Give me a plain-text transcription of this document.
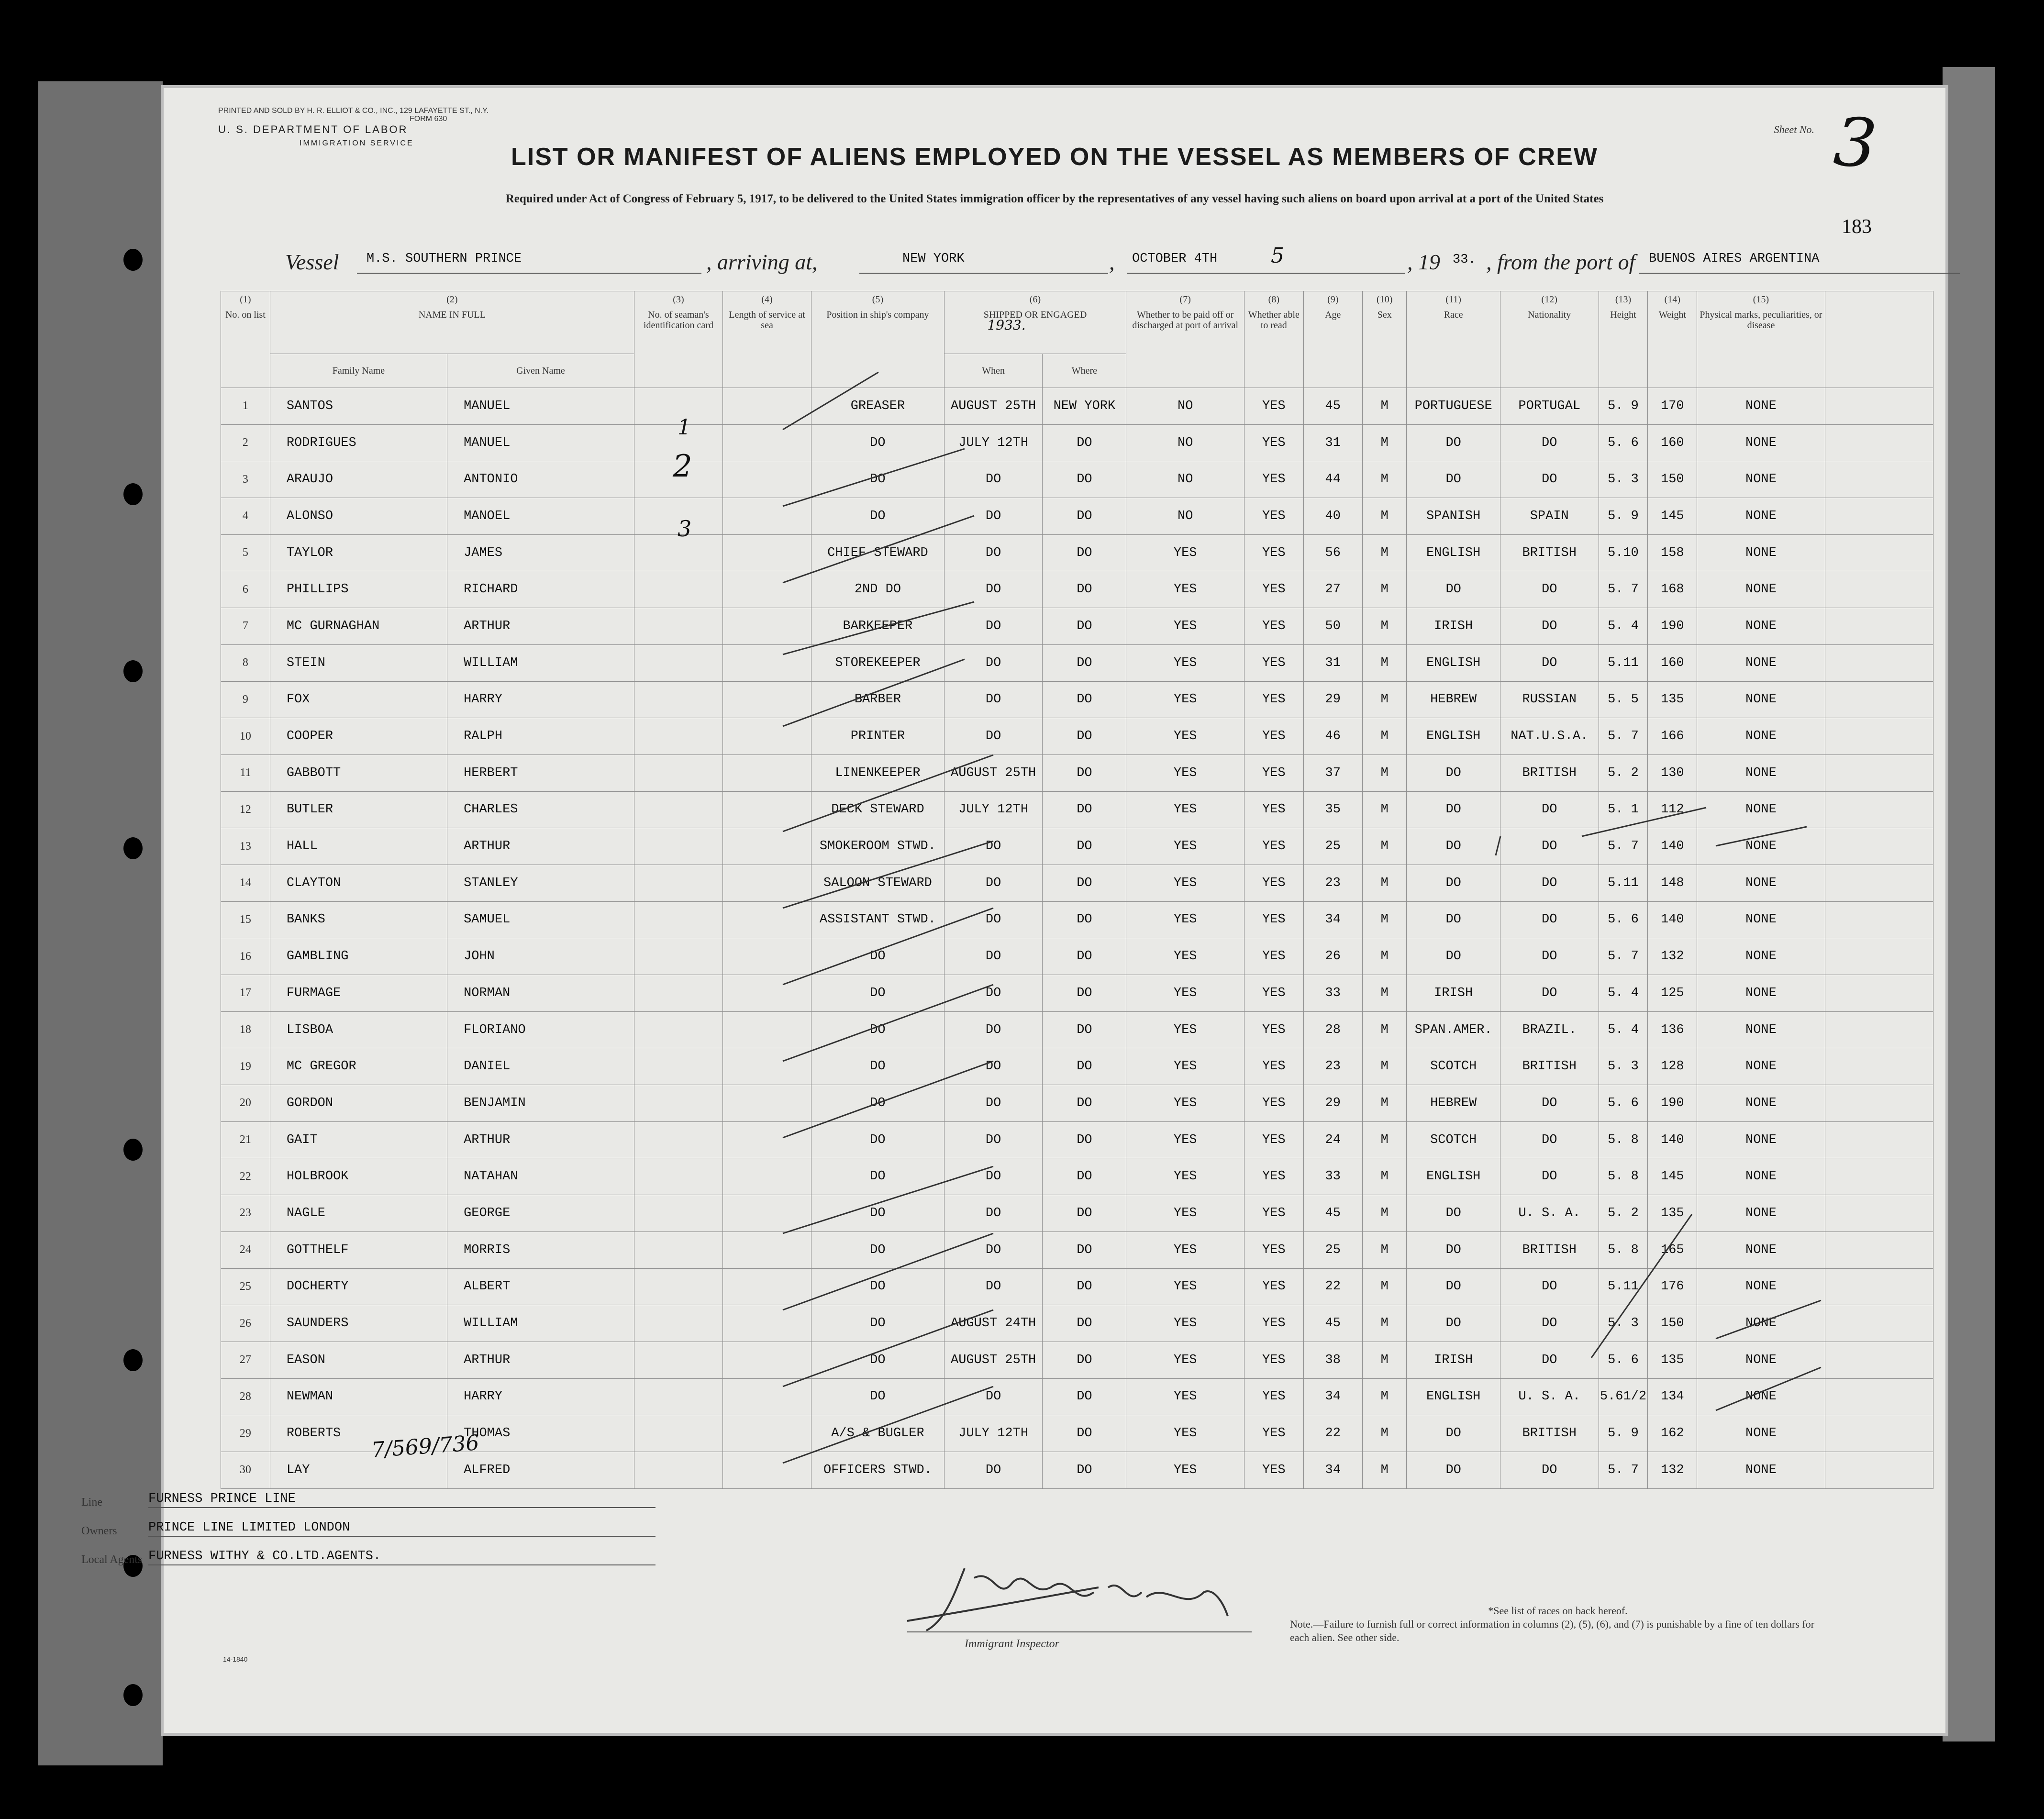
PRINTED AND SOLD BY H. R. ELLIOT & CO., INC., 129 LAFAYETTE ST., N.Y.
FORM 630
U. S. DEPARTMENT OF LABOR
IMMIGRATION SERVICE
Sheet No. 3
LIST OR MANIFEST OF ALIENS EMPLOYED ON THE VESSEL AS MEMBERS OF CREW
Required under Act of Congress of February 5, 1917, to be delivered to the United States immigration officer by the representatives of any vessel having such aliens on board upon arrival at a port of the United States
183
Vessel M.S. SOUTHERN PRINCE	, arriving at,	NEW YORK	, OCTOBER 4TH	5	, 19 33. , from the port of BUENOS AIRES ARGENTINA
(1)	(2)		(3)	(4)	(5)	(6)		(7)	(8)	(9)	(10)	(11)	(12)	(13)	(14)	(15)	
No. on list	NAME IN FULL		No. of seaman's identification card	Length of service at sea	Position in ship's company	SHIPPED OR ENGAGED
1933.		Whether to be paid off or discharged at port of arrival	Whether able to read	Age	Sex	Race	Nationality	Height	Weight	Physical marks, peculiarities, or disease	
	Family Name	Given Name				When	Where										
1	SANTOS	MANUEL			GREASER	AUGUST 25TH	NEW YORK	NO	YES	45	M	PORTUGUESE	PORTUGAL	5. 9	170	NONE	
2	RODRIGUES	MANUEL			DO	JULY 12TH	DO	NO	YES	31	M	DO	DO	5. 6	160	NONE	
3	ARAUJO	ANTONIO			DO	DO	DO	NO	YES	44	M	DO	DO	5. 3	150	NONE	
4	ALONSO	MANOEL			DO	DO	DO	NO	YES	40	M	SPANISH	SPAIN	5. 9	145	NONE	
5	TAYLOR	JAMES			CHIEF STEWARD	DO	DO	YES	YES	56	M	ENGLISH	BRITISH	5.10	158	NONE	
6	PHILLIPS	RICHARD			2ND DO	DO	DO	YES	YES	27	M	DO	DO	5. 7	168	NONE	
7	MC GURNAGHAN	ARTHUR			BARKEEPER	DO	DO	YES	YES	50	M	IRISH	DO	5. 4	190	NONE	
8	STEIN	WILLIAM			STOREKEEPER	DO	DO	YES	YES	31	M	ENGLISH	DO	5.11	160	NONE	
9	FOX	HARRY			BARBER	DO	DO	YES	YES	29	M	HEBREW	RUSSIAN	5. 5	135	NONE	
10	COOPER	RALPH			PRINTER	DO	DO	YES	YES	46	M	ENGLISH	NAT.U.S.A.	5. 7	166	NONE	
11	GABBOTT	HERBERT			LINENKEEPER	AUGUST 25TH	DO	YES	YES	37	M	DO	BRITISH	5. 2	130	NONE	
12	BUTLER	CHARLES			DECK STEWARD	JULY 12TH	DO	YES	YES	35	M	DO	DO	5. 1	112	NONE	
13	HALL	ARTHUR			SMOKEROOM STWD.	DO	DO	YES	YES	25	M	DO	DO	5. 7	140	NONE	
14	CLAYTON	STANLEY			SALOON STEWARD	DO	DO	YES	YES	23	M	DO	DO	5.11	148	NONE	
15	BANKS	SAMUEL			ASSISTANT STWD.	DO	DO	YES	YES	34	M	DO	DO	5. 6	140	NONE	
16	GAMBLING	JOHN			DO	DO	DO	YES	YES	26	M	DO	DO	5. 7	132	NONE	
17	FURMAGE	NORMAN			DO	DO	DO	YES	YES	33	M	IRISH	DO	5. 4	125	NONE	
18	LISBOA	FLORIANO			DO	DO	DO	YES	YES	28	M	SPAN.AMER.	BRAZIL.	5. 4	136	NONE	
19	MC GREGOR	DANIEL			DO	DO	DO	YES	YES	23	M	SCOTCH	BRITISH	5. 3	128	NONE	
20	GORDON	BENJAMIN			DO	DO	DO	YES	YES	29	M	HEBREW	DO	5. 6	190	NONE	
21	GAIT	ARTHUR			DO	DO	DO	YES	YES	24	M	SCOTCH	DO	5. 8	140	NONE	
22	HOLBROOK	NATAHAN			DO	DO	DO	YES	YES	33	M	ENGLISH	DO	5. 8	145	NONE	
23	NAGLE	GEORGE			DO	DO	DO	YES	YES	45	M	DO	U. S. A.	5. 2	135	NONE	
24	GOTTHELF	MORRIS			DO	DO	DO	YES	YES	25	M	DO	BRITISH	5. 8	165	NONE	
25	DOCHERTY	ALBERT			DO	DO	DO	YES	YES	22	M	DO	DO	5.11	176	NONE	
26	SAUNDERS	WILLIAM			DO	AUGUST 24TH	DO	YES	YES	45	M	DO	DO	5. 3	150	NONE	
27	EASON	ARTHUR			DO	AUGUST 25TH	DO	YES	YES	38	M	IRISH	DO	5. 6	135	NONE	
28	NEWMAN	HARRY			DO	DO	DO	YES	YES	34	M	ENGLISH	U. S. A.	5.61/2	134	NONE	
29	ROBERTS	THOMAS			A/S & BUGLER	JULY 12TH	DO	YES	YES	22	M	DO	BRITISH	5. 9	162	NONE	
30	LAY	ALFRED			OFFICERS STWD.	DO	DO	YES	YES	34	M	DO	DO	5. 7	132	NONE	
1
2
3
7/569/736
Immigrant Inspector
*See list of races on back hereof.
Note.—Failure to furnish full or correct information in columns (2), (5), (6), and (7) is punishable by a fine of ten dollars for each alien. See other side.
14-1840
Line	FURNESS PRINCE LINE
Owners PRINCE LINE LIMITED LONDON
Local Agents FURNESS WITHY & CO.LTD.AGENTS.
